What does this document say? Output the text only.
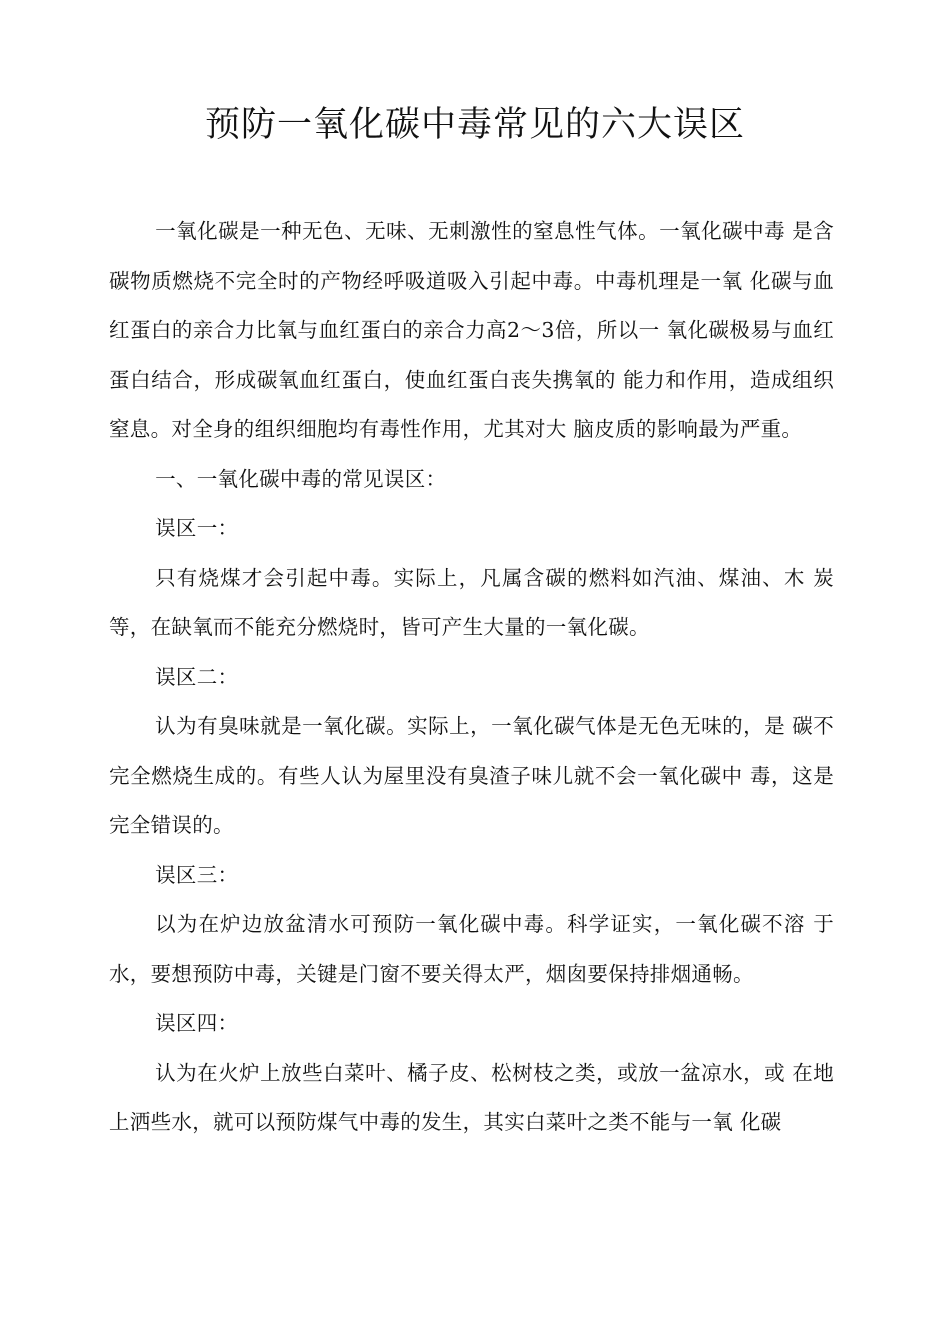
预防一氧化碳中毒常见的六大误区

一氧化碳是一种无色、无味、无刺激性的窒息性气体。一氧化碳中毒 是含碳物质燃烧不完全时的产物经呼吸道吸入引起中毒。中毒机理是一氧 化碳与血红蛋白的亲合力比氧与血红蛋白的亲合力高2〜3倍，所以一 氧化碳极易与血红蛋白结合，形成碳氧血红蛋白，使血红蛋白丧失携氧的 能力和作用，造成组织窒息。对全身的组织细胞均有毒性作用，尤其对大 脑皮质的影响最为严重。

一、一氧化碳中毒的常见误区：

误区一：

只有烧煤才会引起中毒。实际上，凡属含碳的燃料如汽油、煤油、木 炭等，在缺氧而不能充分燃烧时，皆可产生大量的一氧化碳。

误区二：

认为有臭味就是一氧化碳。实际上，一氧化碳气体是无色无味的，是 碳不完全燃烧生成的。有些人认为屋里没有臭渣子味儿就不会一氧化碳中 毒，这是完全错误的。

误区三：

以为在炉边放盆清水可预防一氧化碳中毒。科学证实，一氧化碳不溶 于水，要想预防中毒，关键是门窗不要关得太严，烟囱要保持排烟通畅。

误区四：

认为在火炉上放些白菜叶、橘子皮、松树枝之类，或放一盆凉水，或 在地上洒些水，就可以预防煤气中毒的发生，其实白菜叶之类不能与一氧 化碳
